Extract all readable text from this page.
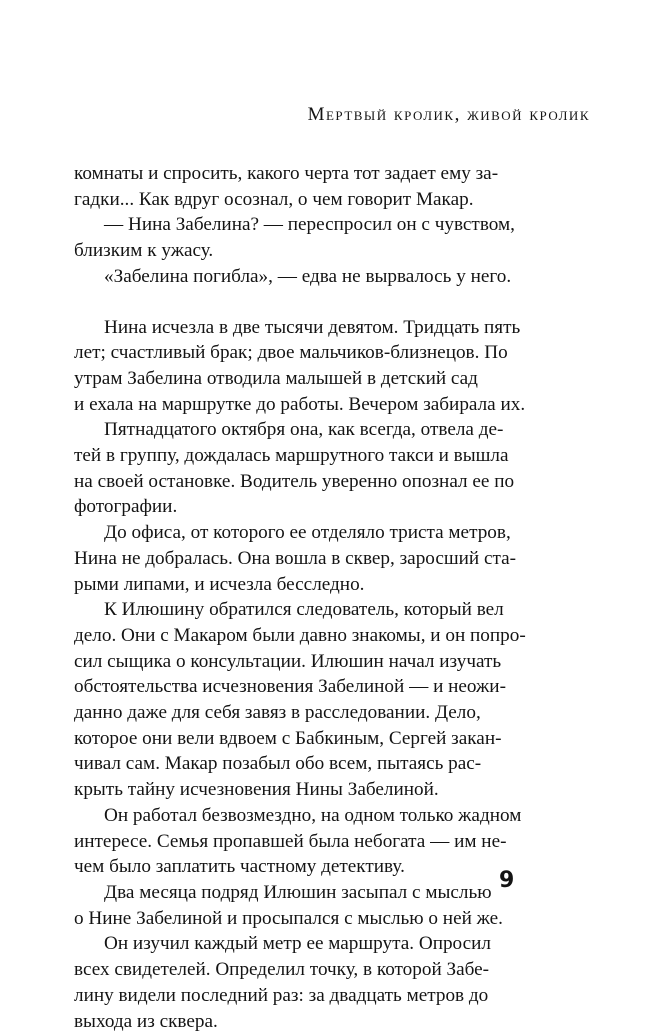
Мертвый кролик, живой кролик

комнаты и спросить, какого черта тот задает ему за-
гадки... Как вдруг осознал, о чем говорит Макар.

— Нина Забелина? — переспросил он с чувством,
близким к ужасу.

«Забелина погибла», — едва не вырвалось у него.

Нина исчезла в две тысячи девятом. Тридцать пять
лет; счастливый брак; двое мальчиков-близнецов. По
утрам Забелина отводила малышей в детский сад
и ехала на маршрутке до работы. Вечером забирала их.

Пятнадцатого октября она, как всегда, отвела де-
тей в группу, дождалась маршрутного такси и вышла
на своей остановке. Водитель уверенно опознал ее по
фотографии.

До офиса, от которого ее отделяло триста метров,
Нина не добралась. Она вошла в сквер, заросший ста-
рыми липами, и исчезла бесследно.

К Илюшину обратился следователь, который вел
дело. Они с Макаром были давно знакомы, и он попро-
сил сыщика о консультации. Илюшин начал изучать
обстоятельства исчезновения Забелиной — и неожи-
данно даже для себя завяз в расследовании. Дело,
которое они вели вдвоем с Бабкиным, Сергей закан-
чивал сам. Макар позабыл обо всем, пытаясь рас-
крыть тайну исчезновения Нины Забелиной.

Он работал безвозмездно, на одном только жадном
интересе. Семья пропавшей была небогата — им не-
чем было заплатить частному детективу.

Два месяца подряд Илюшин засыпал с мыслью
о Нине Забелиной и просыпался с мыслью о ней же.

Он изучил каждый метр ее маршрута. Опросил
всех свидетелей. Определил точку, в которой Забе-
лину видели последний раз: за двадцать метров до
выхода из сквера.

9
